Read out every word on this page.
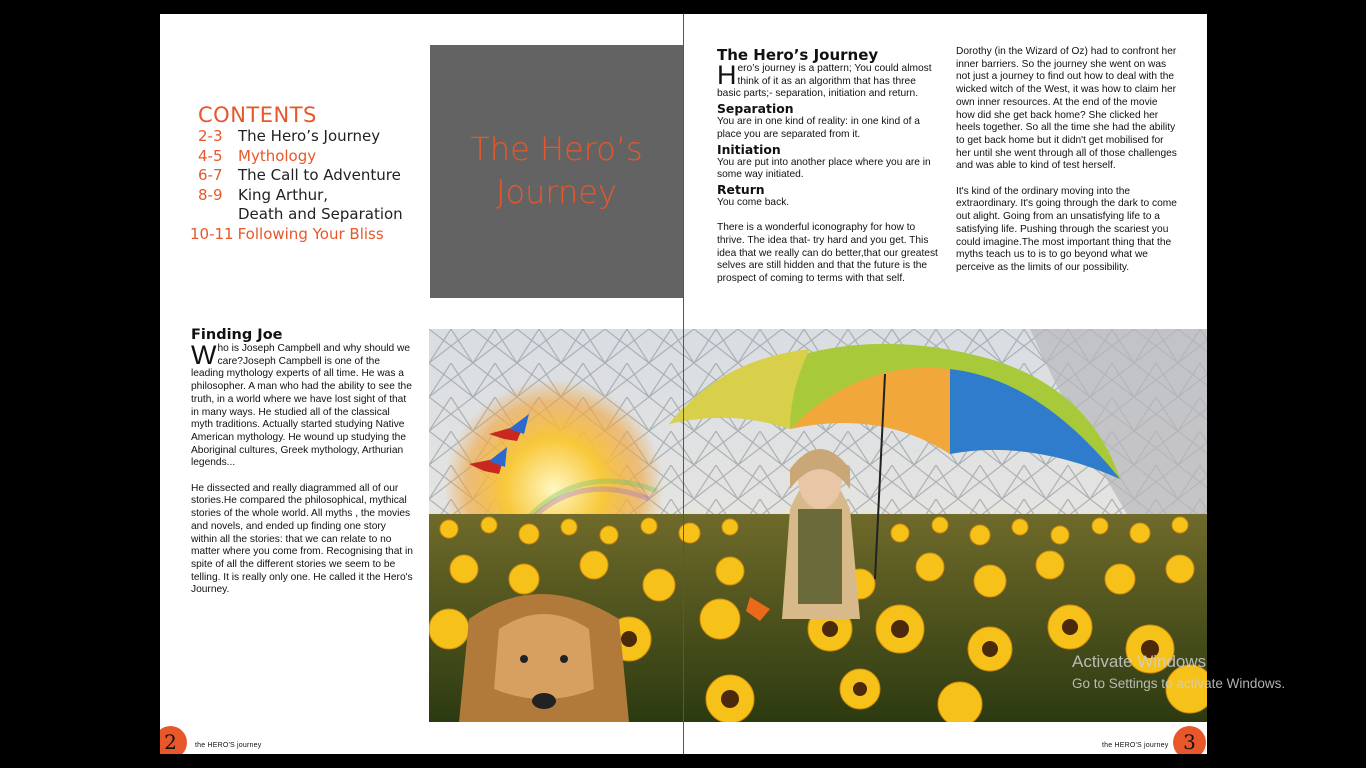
CONTENTS
2-3	The Hero’s Journey
4-5	Mythology
6-7	The Call to Adventure
8-9	King Arthur,
Death and Separation
10-11 Following Your Bliss
The Hero’s
Journey
Finding Joe
Who is Joseph Campbell and why should we care?Joseph Campbell is one of the leading mythology experts of all time. He was a philosopher. A man who had the ability to see the truth, in a world where we have lost sight of that in many ways. He studied all of the classical myth traditions. Actually started studying Native American mythology. He wound up studying the Aboriginal cultures, Greek mythology, Arthurian legends...
He dissected and really diagrammed all of our stories.He compared the philosophical, mythical stories of the whole world. All myths , the movies and novels, and ended up finding one story within all the stories: that we can relate to no matter where you come from. Recognising that in spite of all the different stories we seem to be telling. It is really only one. He called it the Hero's Journey.
2	the HERO'S journey
The Hero’s Journey
Hero’s journey is a pattern; You could almost think of it as an algorithm that has three basic parts;- separation, initiation and return.
Separation
You are in one kind of reality: in one kind of a place you are separated from it.
Initiation
You are put into another place where you are in some way initiated.
Return
You come back.
There is a wonderful iconography for how to thrive. The idea that- try hard and you get. This idea that we really can do better,that our greatest selves are still hidden and that the future is the prospect of coming to terms with that self.
Dorothy (in the Wizard of Oz) had to confront her inner barriers. So the journey she went on was not just a journey to find out how to deal with the wicked witch of the West, it was how to claim her own inner resources. At the end of the movie how did she get back home? She clicked her heels together. So all the time she had the ability to get back home but it didn't get mobilised for her until she went through all of those challenges and was able to kind of test herself.
It's kind of the ordinary moving into the extraordinary. It's going through the dark to come out alight. Going from an unsatisfying life to a satisfying life. Pushing through the scariest you could imagine.The most important thing that the myths teach us to is to go beyond what we perceive as the limits of our possibility.
the HERO'S journey 3
Activate Windows
Go to Settings to activate Windows.
